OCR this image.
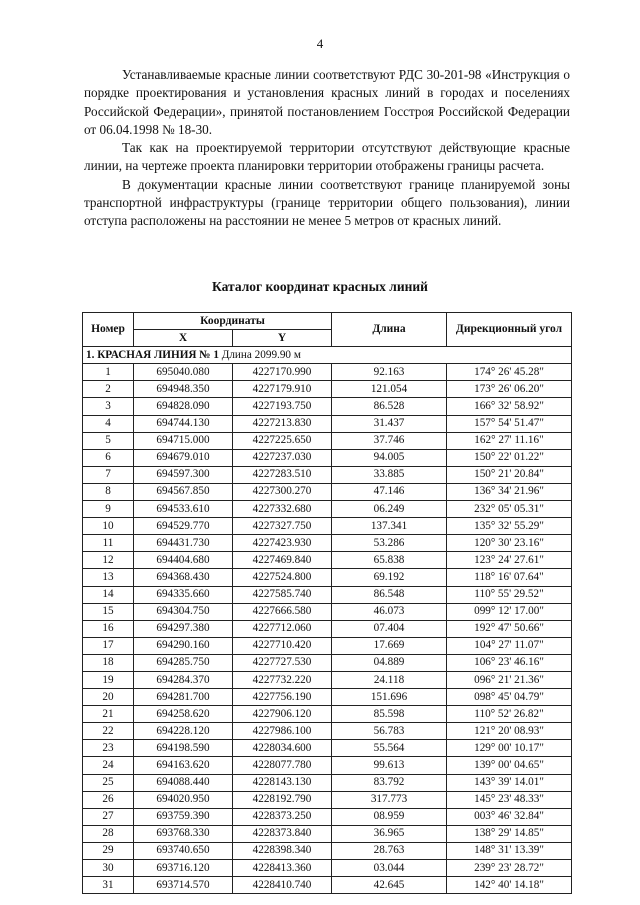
4

Устанавливаемые красные линии соответствуют РДС 30-201-98 «Инструкция о порядке проектирования и установления красных линий в городах и поселениях Российской Федерации», принятой постановлением Госстроя Российской Федерации от 06.04.1998 № 18-30.

Так как на проектируемой территории отсутствуют действующие красные линии, на чертеже проекта планировки территории отображены границы расчета.

В документации красные линии соответствуют границе планируемой зоны транспортной инфраструктуры (границе территории общего пользования), линии отступа расположены на расстоянии не менее 5 метров от красных линий.

Каталог координат красных линий
Номер	Координаты		Длина	Дирекционный угол
	X	Y		
1. КРАСНАЯ ЛИНИЯ № 1 Длина 2099.90 м				
1	695040.080	4227170.990	92.163	174° 26' 45.28"
2	694948.350	4227179.910	121.054	173° 26' 06.20"
3	694828.090	4227193.750	86.528	166° 32' 58.92"
4	694744.130	4227213.830	31.437	157° 54' 51.47"
5	694715.000	4227225.650	37.746	162° 27' 11.16"
6	694679.010	4227237.030	94.005	150° 22' 01.22"
7	694597.300	4227283.510	33.885	150° 21' 20.84"
8	694567.850	4227300.270	47.146	136° 34' 21.96"
9	694533.610	4227332.680	06.249	232° 05' 05.31"
10	694529.770	4227327.750	137.341	135° 32' 55.29"
11	694431.730	4227423.930	53.286	120° 30' 23.16"
12	694404.680	4227469.840	65.838	123° 24' 27.61"
13	694368.430	4227524.800	69.192	118° 16' 07.64"
14	694335.660	4227585.740	86.548	110° 55' 29.52"
15	694304.750	4227666.580	46.073	099° 12' 17.00"
16	694297.380	4227712.060	07.404	192° 47' 50.66"
17	694290.160	4227710.420	17.669	104° 27' 11.07"
18	694285.750	4227727.530	04.889	106° 23' 46.16"
19	694284.370	4227732.220	24.118	096° 21' 21.36"
20	694281.700	4227756.190	151.696	098° 45' 04.79"
21	694258.620	4227906.120	85.598	110° 52' 26.82"
22	694228.120	4227986.100	56.783	121° 20' 08.93"
23	694198.590	4228034.600	55.564	129° 00' 10.17"
24	694163.620	4228077.780	99.613	139° 00' 04.65"
25	694088.440	4228143.130	83.792	143° 39' 14.01"
26	694020.950	4228192.790	317.773	145° 23' 48.33"
27	693759.390	4228373.250	08.959	003° 46' 32.84"
28	693768.330	4228373.840	36.965	138° 29' 14.85"
29	693740.650	4228398.340	28.763	148° 31' 13.39"
30	693716.120	4228413.360	03.044	239° 23' 28.72"
31	693714.570	4228410.740	42.645	142° 40' 14.18"
